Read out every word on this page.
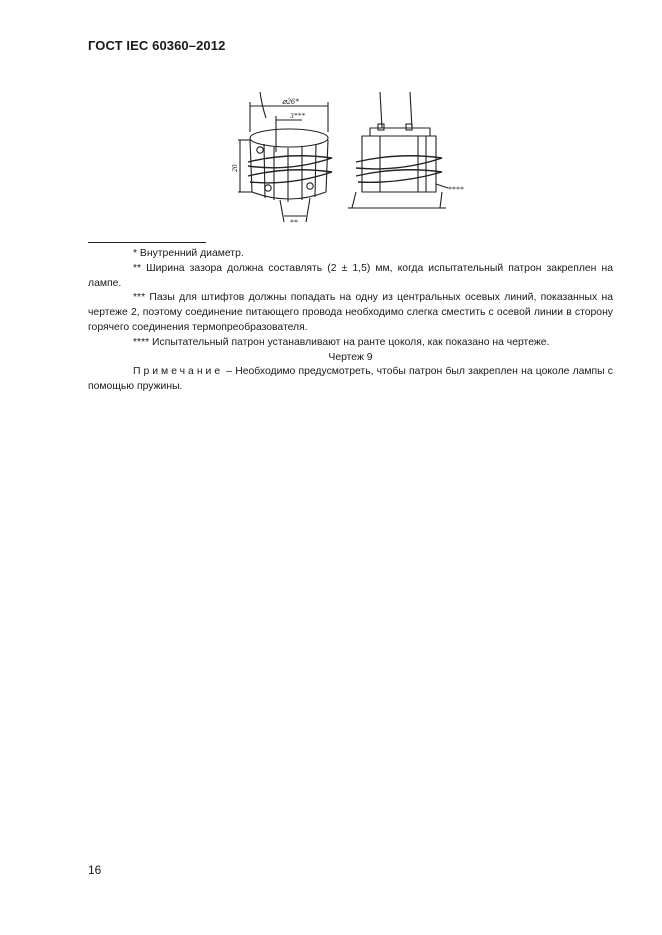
ГОСТ IEC 60360–2012
⌀26*
3***
20
**
****

* Внутренний диаметр.

** Ширина зазора должна составлять (2 ± 1,5) мм, когда испытательный патрон закреплен на лампе.

*** Пазы для штифтов должны попадать на одну из центральных осевых линий, показанных на чертеже 2, поэтому соединение питающего провода необходимо слегка сместить с осевой линии в сторону горячего соединения термопреобразователя.

**** Испытательный патрон устанавливают на ранте цоколя, как показано на чертеже.

Чертеж 9

Примечание – Необходимо предусмотреть, чтобы патрон был закреплен на цоколе лампы с помощью пружины.

16
